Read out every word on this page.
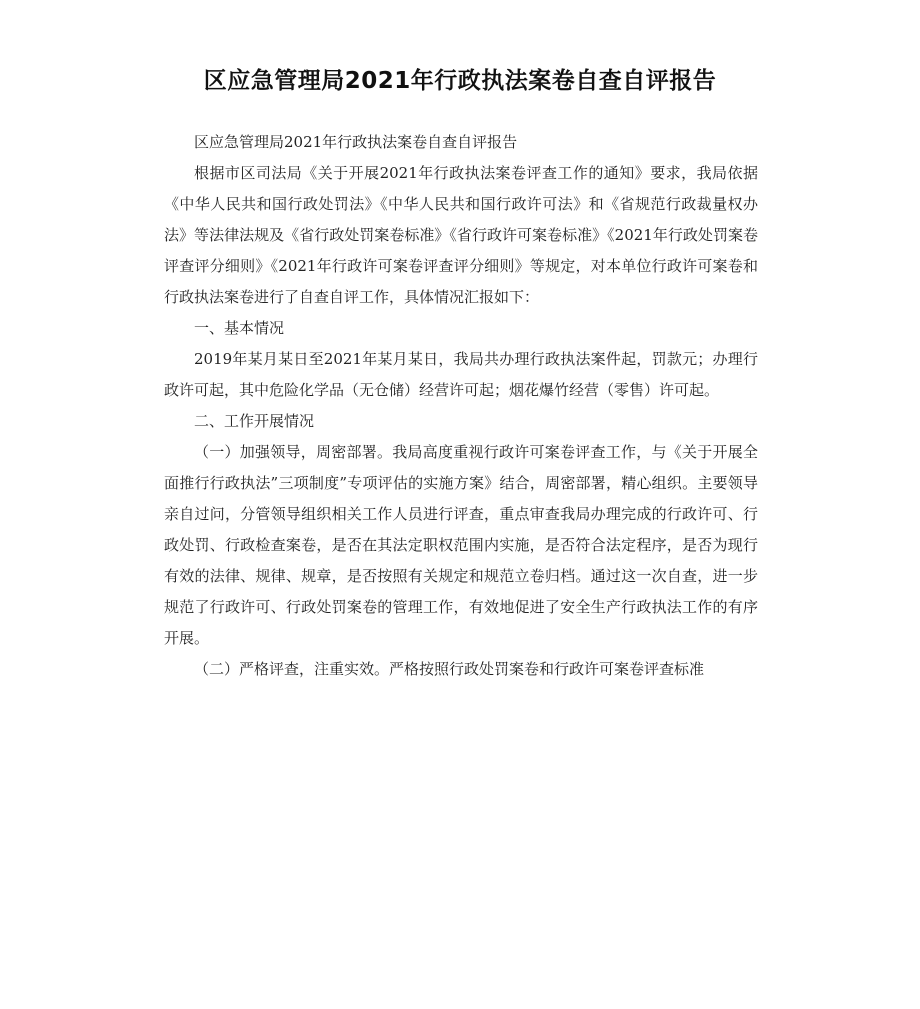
区应急管理局2021年行政执法案卷自查自评报告

区应急管理局2021年行政执法案卷自查自评报告

根据市区司法局《关于开展2021年行政执法案卷评查工作的通知》要求，我局依据《中华人民共和国行政处罚法》《中华人民共和国行政许可法》和《省规范行政裁量权办法》等法律法规及《省行政处罚案卷标准》《省行政许可案卷标准》《2021年行政处罚案卷评查评分细则》《2021年行政许可案卷评查评分细则》等规定，对本单位行政许可案卷和行政执法案卷进行了自查自评工作，具体情况汇报如下：

一、基本情况

2019年某月某日至2021年某月某日，我局共办理行政执法案件起，罚款元；办理行政许可起，其中危险化学品（无仓储）经营许可起；烟花爆竹经营（零售）许可起。

二、工作开展情况

（一）加强领导，周密部署。我局高度重视行政许可案卷评查工作，与《关于开展全面推行行政执法”三项制度”专项评估的实施方案》结合，周密部署，精心组织。主要领导亲自过问，分管领导组织相关工作人员进行评查，重点审查我局办理完成的行政许可、行政处罚、行政检查案卷，是否在其法定职权范围内实施，是否符合法定程序，是否为现行有效的法律、规律、规章，是否按照有关规定和规范立卷归档。通过这一次自查，进一步规范了行政许可、行政处罚案卷的管理工作，有效地促进了安全生产行政执法工作的有序开展。

（二）严格评查，注重实效。严格按照行政处罚案卷和行政许可案卷评查标准
